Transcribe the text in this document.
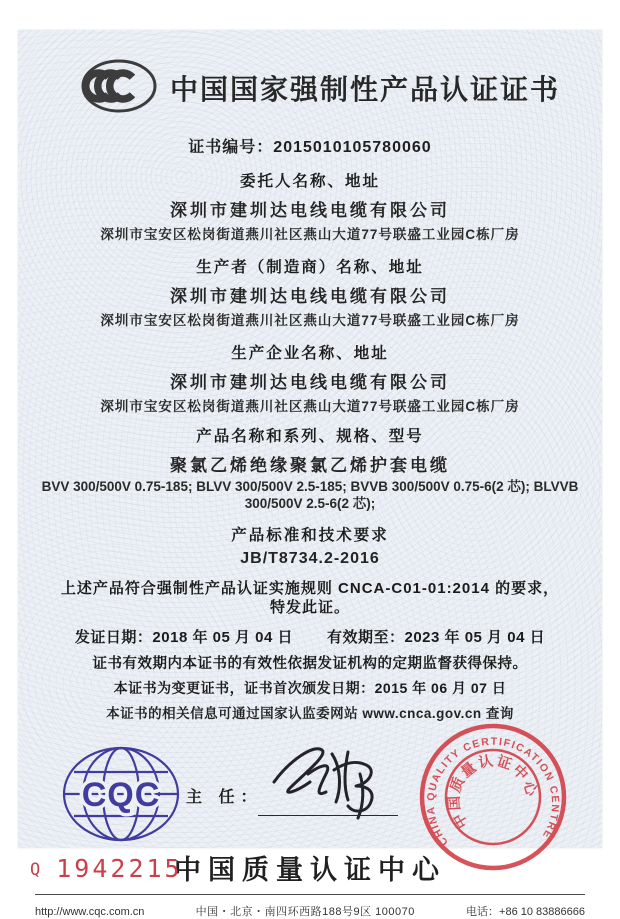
中国国家强制性产品认证证书
证书编号：2015010105780060
委托人名称、地址
深圳市建圳达电线电缆有限公司
深圳市宝安区松岗街道燕川社区燕山大道77号联盛工业园C栋厂房
生产者（制造商）名称、地址
深圳市建圳达电线电缆有限公司
深圳市宝安区松岗街道燕川社区燕山大道77号联盛工业园C栋厂房
生产企业名称、地址
深圳市建圳达电线电缆有限公司
深圳市宝安区松岗街道燕川社区燕山大道77号联盛工业园C栋厂房
产品名称和系列、规格、型号
聚氯乙烯绝缘聚氯乙烯护套电缆
BVV 300/500V 0.75-185; BLVV 300/500V 2.5-185; BVVB 300/500V 0.75-6(2 芯); BLVVB 300/500V 2.5-6(2 芯);
产品标准和技术要求
JB/T8734.2-2016
上述产品符合强制性产品认证实施规则 CNCA-C01-01:2014 的要求，
特发此证。
发证日期：2018 年 05 月 04 日 有效期至：2023 年 05 月 04 日
证书有效期内本证书的有效性依据发证机构的定期监督获得保持。
本证书为变更证书，证书首次颁发日期：2015 年 06 月 07 日
本证书的相关信息可通过国家认监委网站 www.cnca.gov.cn 查询
CQC 主 任：
CHINA QUALITY CERTIFICATION CENTRE
中国质量认证中心
中国质量认证中心
http://www.cqc.com.cn	中国・北京・南四环西路188号9区 100070	电话：+86 10 83886666
Q 1942215
